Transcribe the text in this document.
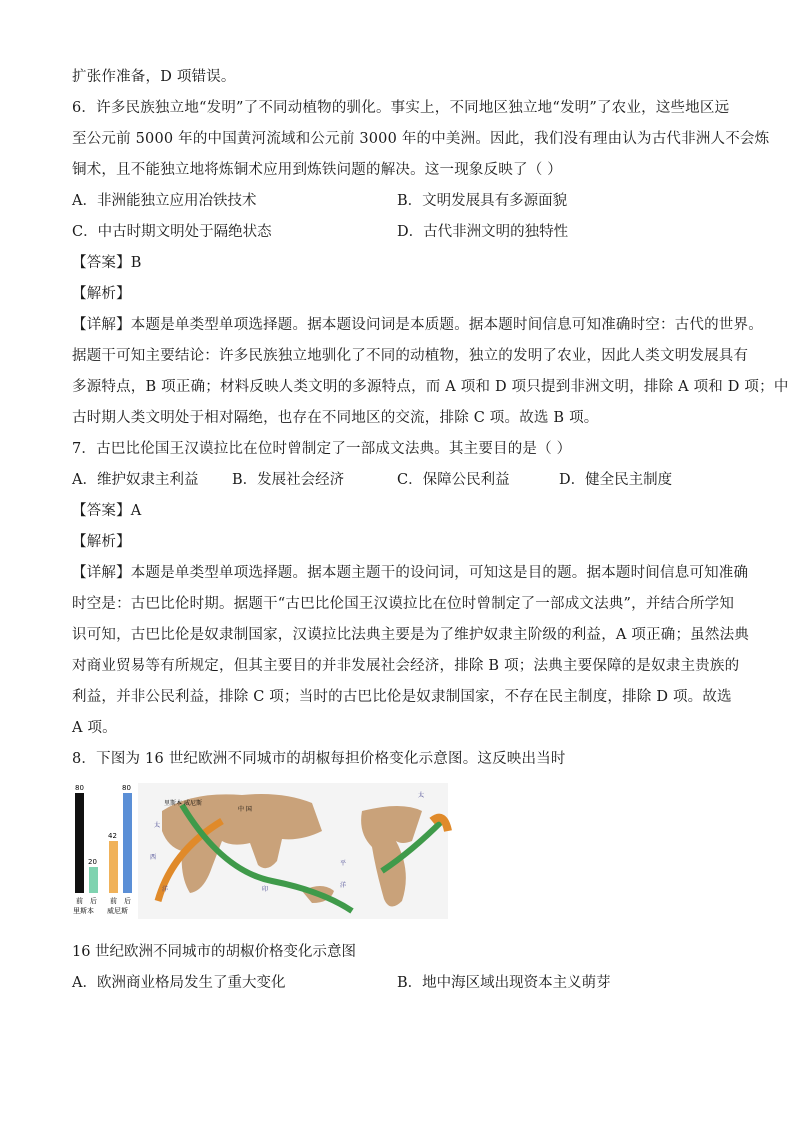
扩张作准备，D 项错误。
6．许多民族独立地“发明”了不同动植物的驯化。事实上，不同地区独立地“发明”了农业，这些地区远
至公元前 5000 年的中国黄河流域和公元前 3000 年的中美洲。因此，我们没有理由认为古代非洲人不会炼
铜术，且不能独立地将炼铜术应用到炼铁问题的解决。这一现象反映了（ ）
A．非洲能独立应用冶铁技术	B．文明发展具有多源面貌
C．中古时期文明处于隔绝状态	D．古代非洲文明的独特性
【答案】B
【解析】
【详解】本题是单类型单项选择题。据本题设问词是本质题。据本题时间信息可知准确时空：古代的世界。
据题干可知主要结论：许多民族独立地驯化了不同的动植物，独立的发明了农业，因此人类文明发展具有
多源特点，B 项正确；材料反映人类文明的多源特点，而 A 项和 D 项只提到非洲文明，排除 A 项和 D 项；中
古时期人类文明处于相对隔绝，也存在不同地区的交流，排除 C 项。故选 B 项。
7．古巴比伦国王汉谟拉比在位时曾制定了一部成文法典。其主要目的是（ ）
A．维护奴隶主利益	B．发展社会经济	C．保障公民利益	D．健全民主制度
【答案】A
【解析】
【详解】本题是单类型单项选择题。据本题主题干的设问词，可知这是目的题。据本题时间信息可知准确
时空是：古巴比伦时期。据题干“古巴比伦国王汉谟拉比在位时曾制定了一部成文法典”，并结合所学知
识可知，古巴比伦是奴隶制国家，汉谟拉比法典主要是为了维护奴隶主阶级的利益，A 项正确；虽然法典
对商业贸易等有所规定，但其主要目的并非发展社会经济，排除 B 项；法典主要保障的是奴隶主贵族的
利益，并非公民利益，排除 C 项；当时的古巴比伦是奴隶制国家，不存在民主制度，排除 D 项。故选
A 项。
8．下图为 16 世纪欧洲不同城市的胡椒每担价格变化示意图。这反映出当时
80
20
42
80
前 后 前 后
里斯本 威尼斯
里斯本 威尼斯
中 国
太
西
洋
太
平
洋
印
16 世纪欧洲不同城市的胡椒价格变化示意图
A．欧洲商业格局发生了重大变化	B．地中海区域出现资本主义萌芽
